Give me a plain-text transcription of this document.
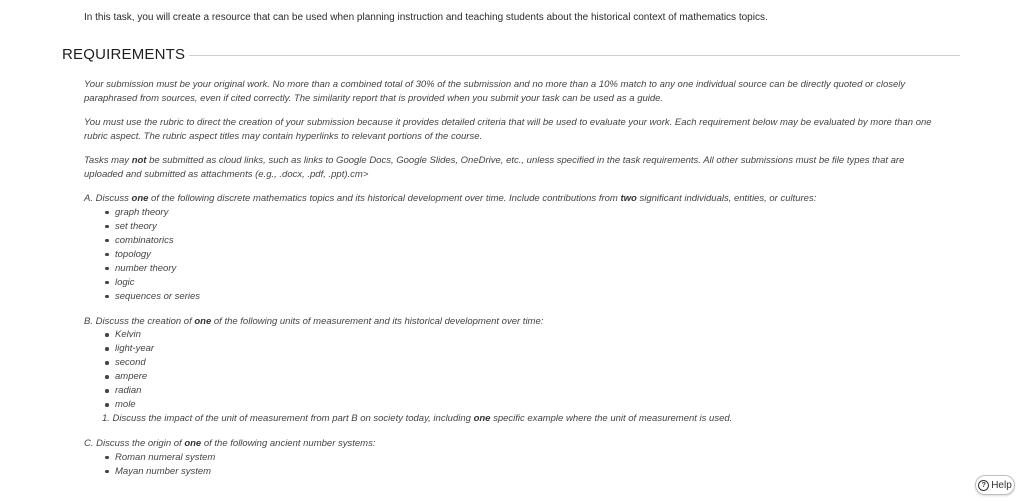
In this task, you will create a resource that can be used when planning instruction and teaching students about the historical context of mathematics topics.
REQUIREMENTS

Your submission must be your original work. No more than a combined total of 30% of the submission and no more than a 10% match to any one individual source can be directly quoted or closely paraphrased from sources, even if cited correctly. The similarity report that is provided when you submit your task can be used as a guide.

You must use the rubric to direct the creation of your submission because it provides detailed criteria that will be used to evaluate your work. Each requirement below may be evaluated by more than one rubric aspect. The rubric aspect titles may contain hyperlinks to relevant portions of the course.

Tasks may not be submitted as cloud links, such as links to Google Docs, Google Slides, OneDrive, etc., unless specified in the task requirements. All other submissions must be file types that are uploaded and submitted as attachments (e.g., .docx, .pdf, .ppt).cm>

A. Discuss one of the following discrete mathematics topics and its historical development over time. Include contributions from two significant individuals, entities, or cultures:
graph theory
set theory
combinatorics
topology
number theory
logic
sequences or series
B. Discuss the creation of one of the following units of measurement and its historical development over time:
Kelvin
light-year
second
ampere
radian
mole
1. Discuss the impact of the unit of measurement from part B on society today, including one specific example where the unit of measurement is used.
C. Discuss the origin of one of the following ancient number systems:
Roman numeral system
Mayan number system
? Help
